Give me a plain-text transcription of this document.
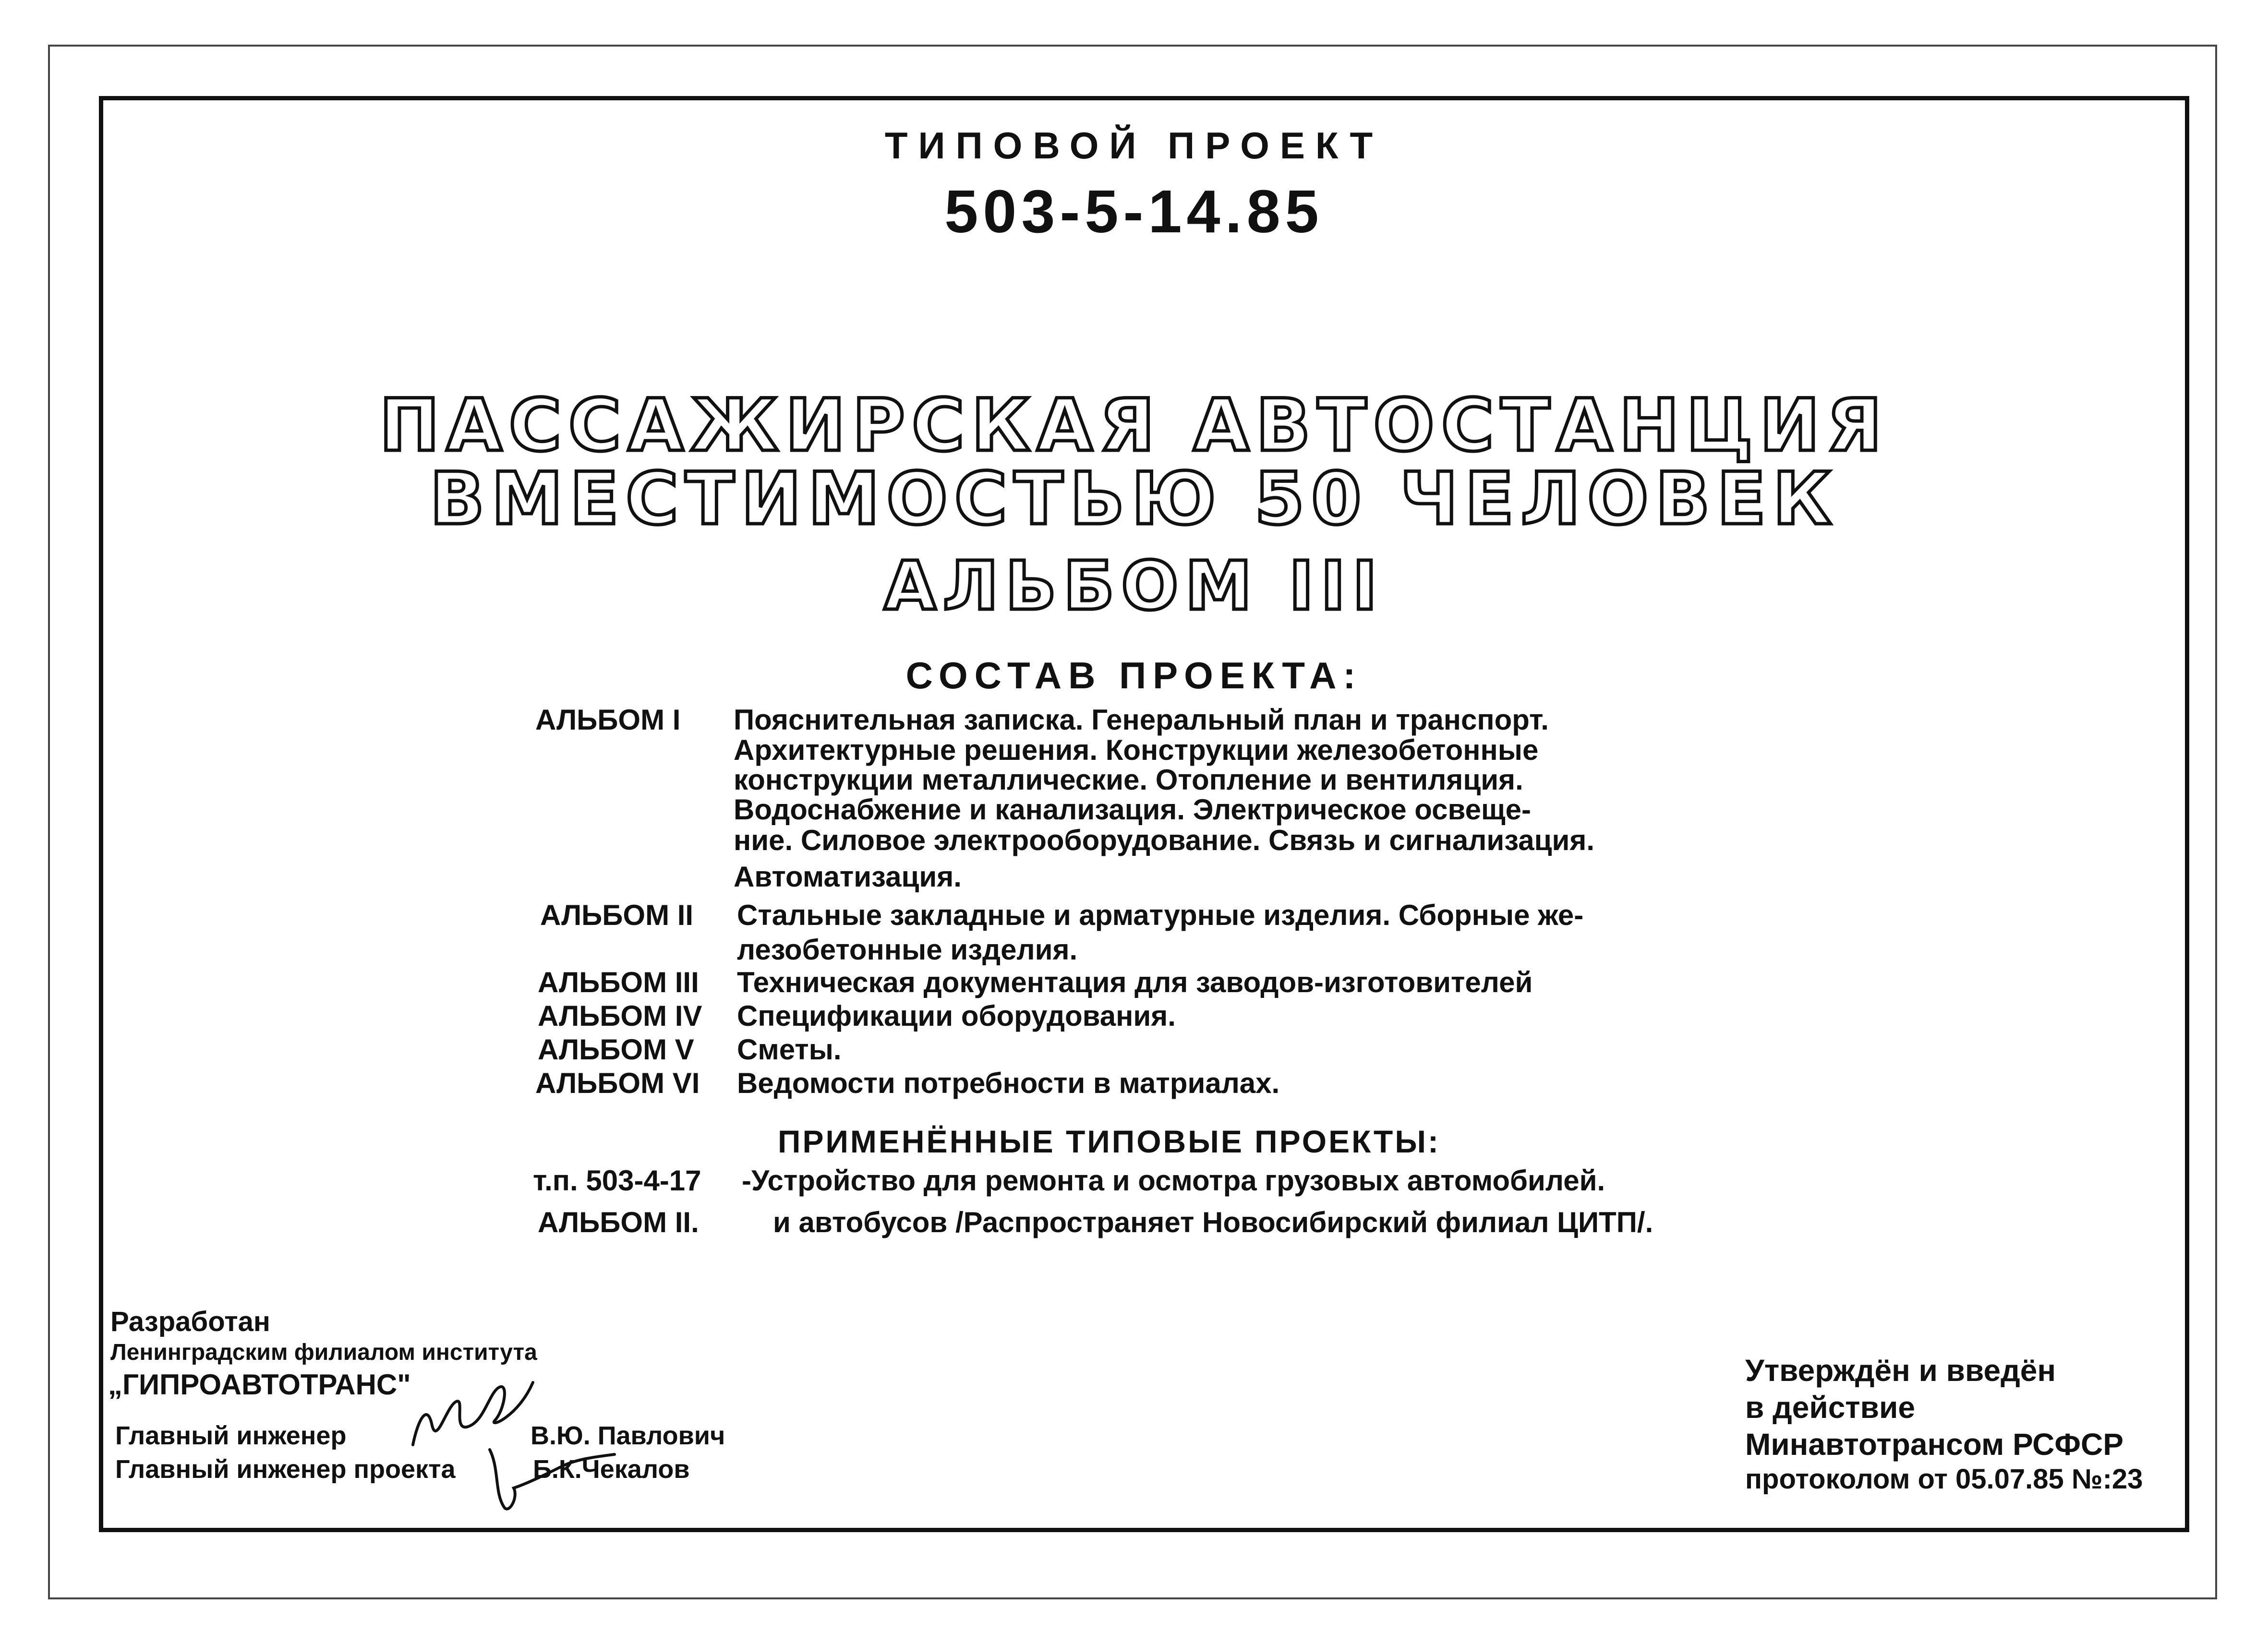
ТИПОВОЙ ПРОЕКТ
503-5-14.85
ПАССАЖИРСКАЯ АВТОСТАНЦИЯ
ВМЕСТИМОСТЬЮ 50 ЧЕЛОВЕК
АЛЬБОМ III
СОСТАВ ПРОЕКТА:
АЛЬБОМ I Пояснительная записка. Генеральный план и транспорт.
Архитектурные решения. Конструкции железобетонные
конструкции металлические. Отопление и вентиляция.
Водоснабжение и канализация. Электрическое освеще-
ние. Силовое электрооборудование. Связь и сигнализация.
Автоматизация.
АЛЬБОМ II Стальные закладные и арматурные изделия. Сборные же-
лезобетонные изделия.
АЛЬБОМ III Техническая документация для заводов-изготовителей
АЛЬБОМ IV Спецификации оборудования.
АЛЬБОМ V Сметы.
АЛЬБОМ VI Ведомости потребности в матриалах.
ПРИМЕНЁННЫЕ ТИПОВЫЕ ПРОЕКТЫ:
т.п. 503-4-17 -Устройство для ремонта и осмотра грузовых автомобилей.
АЛЬБОМ II.	и автобусов /Распространяет Новосибирский филиал ЦИТП/.
Разработан
Ленинградским филиалом института
„ГИПРОАВТОТРАНС"
Главный инженер	В.Ю. Павлович
Главный инженер проекта	Б.К.Чекалов
Утверждён и введён
в действие
Минавтотрансом РСФСР
протоколом от 05.07.85 №:23
